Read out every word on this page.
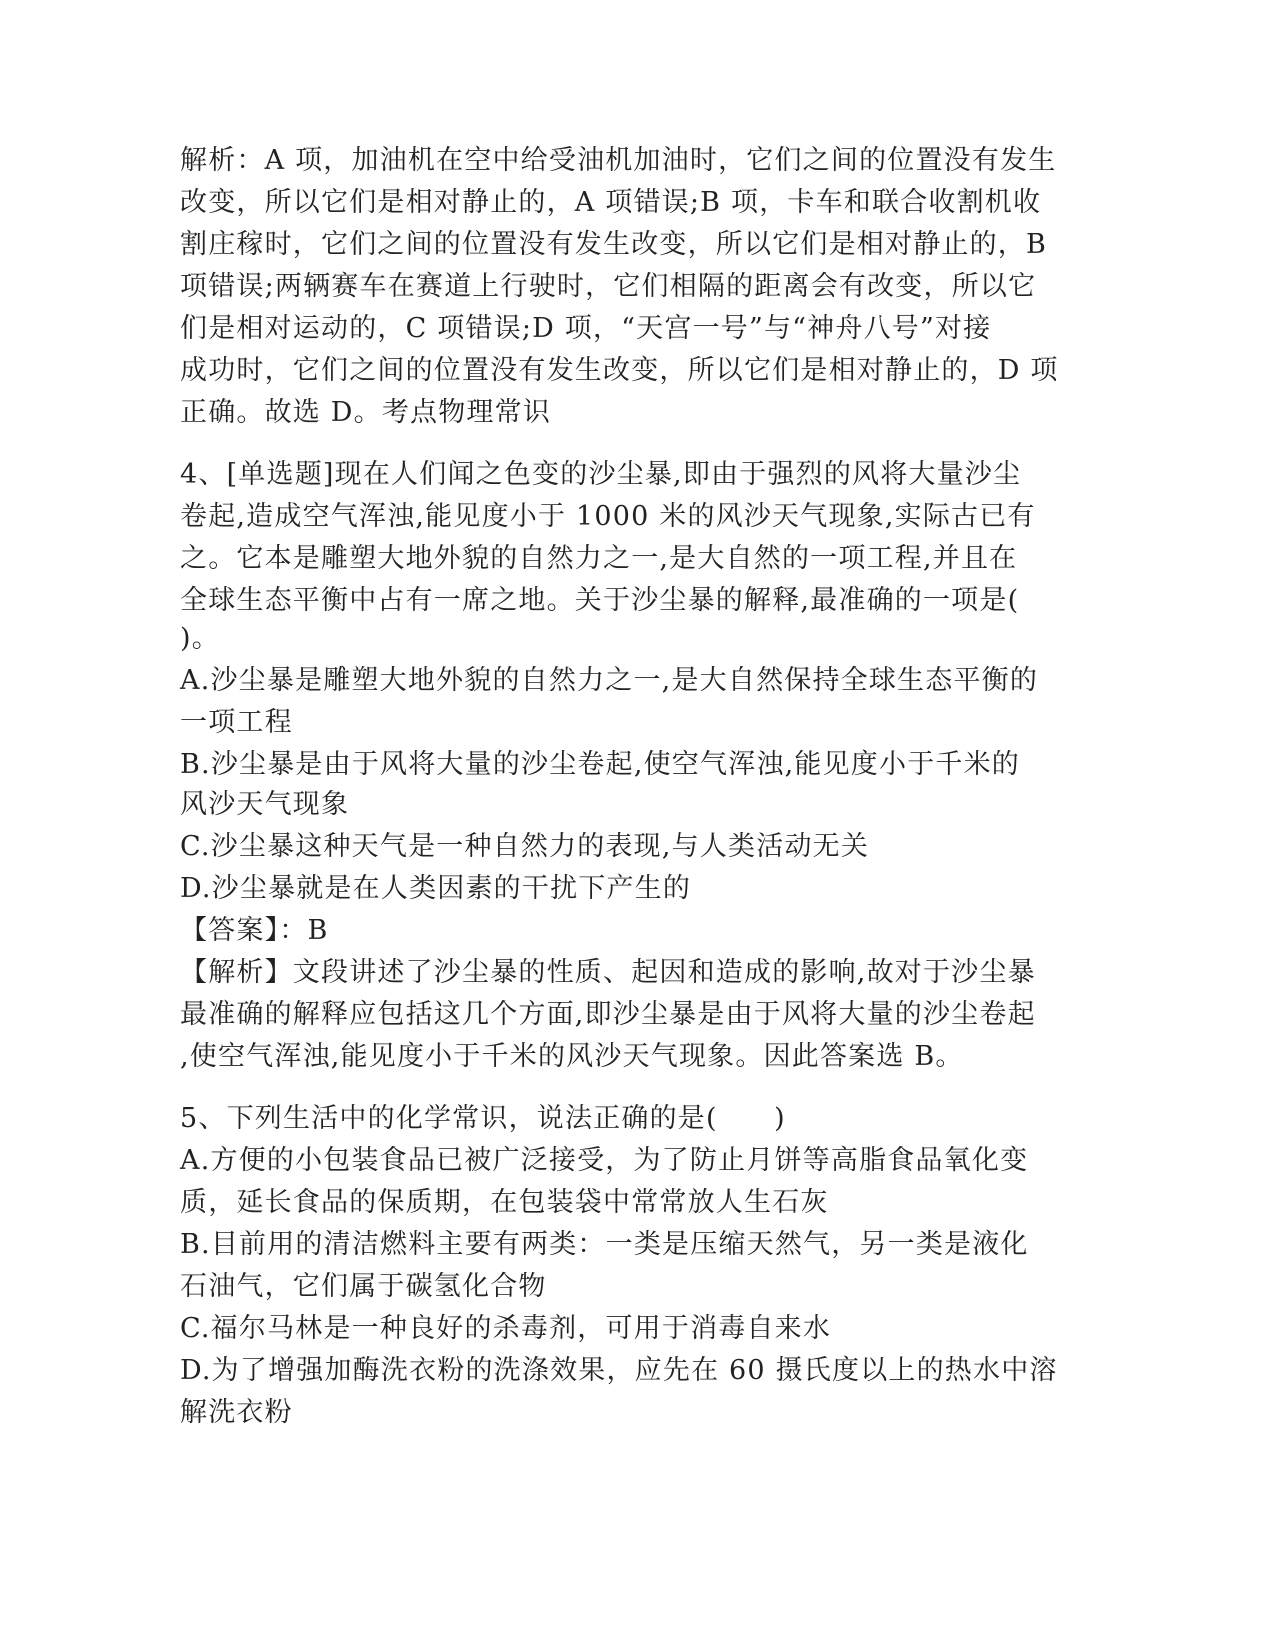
解析：A 项，加油机在空中给受油机加油时，它们之间的位置没有发生
改变，所以它们是相对静止的，A 项错误;B 项，卡车和联合收割机收
割庄稼时，它们之间的位置没有发生改变，所以它们是相对静止的，B
项错误;两辆赛车在赛道上行驶时，它们相隔的距离会有改变，所以它
们是相对运动的，C 项错误;D 项，“天宫一号”与“神舟八号”对接
成功时，它们之间的位置没有发生改变，所以它们是相对静止的，D 项
正确。故选 D。考点物理常识
4、[单选题]现在人们闻之色变的沙尘暴,即由于强烈的风将大量沙尘
卷起,造成空气浑浊,能见度小于 1000 米的风沙天气现象,实际古已有
之。它本是雕塑大地外貌的自然力之一,是大自然的一项工程,并且在
全球生态平衡中占有一席之地。关于沙尘暴的解释,最准确的一项是(
)。
A.沙尘暴是雕塑大地外貌的自然力之一,是大自然保持全球生态平衡的
一项工程
B.沙尘暴是由于风将大量的沙尘卷起,使空气浑浊,能见度小于千米的
风沙天气现象
C.沙尘暴这种天气是一种自然力的表现,与人类活动无关
D.沙尘暴就是在人类因素的干扰下产生的
【答案】：B
【解析】文段讲述了沙尘暴的性质、起因和造成的影响,故对于沙尘暴
最准确的解释应包括这几个方面,即沙尘暴是由于风将大量的沙尘卷起
,使空气浑浊,能见度小于千米的风沙天气现象。因此答案选 B。
5、下列生活中的化学常识，说法正确的是(　　)
A.方便的小包装食品已被广泛接受，为了防止月饼等高脂食品氧化变
质，延长食品的保质期，在包装袋中常常放人生石灰
B.目前用的清洁燃料主要有两类：一类是压缩天然气，另一类是液化
石油气，它们属于碳氢化合物
C.福尔马林是一种良好的杀毒剂，可用于消毒自来水
D.为了增强加酶洗衣粉的洗涤效果，应先在 60 摄氏度以上的热水中溶
解洗衣粉
